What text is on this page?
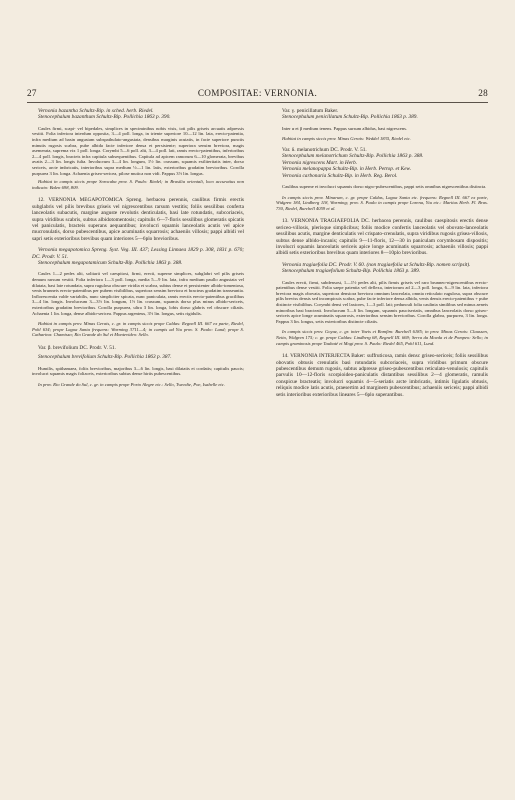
27	COMPOSITAE: VERNONIA.	28

Vernonia bazantha Schultz-Bip. in sched. herb. Riedel.

Stenocephalum bazanthum Schultz-Bip. Pollichia 1863 p. 390.

Caules firmi, scapi- vel bipedales, simplices in speciminibus nobis visis, toti pilis griseis arcuatis adpressis vestiti. Folia inferiora interdum opposita, 3—4 poll. longa, in triente superiore 10—12 lin. lata, erecto-patentia, infra medium ad basin angustam subspathulato-angustata, densibus marginis acutatis, in facie superiore punctis minutis rugosis scabra, pube albida facie inferiore densa et persistente; superiora sensim breviora, magis asemerata, suprema vix 1 poll. longa. Corymbi 5—6 poll. alti, 3—4 poll. lati, ramis erecto-patentibus, inferioribus 2—4 poll. longis, bracteis infra capitula subsequentibus. Capitula ad apicem ramorum 6—10 glomerata, brevibus avatis 2—3 lin. longis fulta. Involucrum 3—4 lin. longum, 1½ lin. crassum, squamis exiliteritatis inter, dorso sericeis, arcte imbricatis, interioribus supra medium ½—1 lin. latis, exterioribus gradatim brevioribus. Corolla purpurea 3 lin. longa. Achaenia griseo-sericea, pilose mutica non vidi. Pappus 3½ lin. longus.

Habitat in campis siccis prope Sorocaba prov. S. Paulo: Riedel; in Brasilia orientali, loco accuratius non indicato: Balen 698, 809.

12. VERNONIA MEGAPOTOMICA Spreng. herbacea perennis, caulibus firmis erectis subglabris vel pilis brevibus griseis vel nigrescentibus rarsum vestitis; foliis sessilibus conferta lanceolatis subacutis, margine anguste revolutis denticulatis, basi late rotundatis, subcoriaceis, supra viridibus scabris, subtus albidotomentosis; capitulis 6—7-floris sessilibus glomeratis spicatis vel paniculatis, bracteis superans aequantibus; involucri squamis lanceolatis acutis vel apice mucronulatis, dorso pubescentibus, apice acuminatis squarrosis; achaeniis villosis; pappi albidi vel sapri setis exterioribus brevibus quam interiores 5—6plo brevioribus.

Vernonia megapotomica Spreng. Syst. Veg. III. 437; Lessing Linnaea 1829 p. 308, 1831 p. 670; DC. Prodr. V. 51.

Stenocephalum megapotamicum Schultz-Bip. Pollichia 1863 p. 388.

Caules 1—2 pedes alti, solitarii vel caespitosi, firmi, erecti, superne simplices, subglabri vel pilis griseis demum rarsum vestiti. Folia inferiora 1—3 poll. longa, media 5—9 lin. lata, infra medium paullo angustata vel dilatata, basi late rotundata, supra rugulosa obscure viridia et scabra, subtus dense et persistenter albido-tomentosa, venis brunneis erecto-patentibus per pubem visibilibus, superiora sensim breviora et bracteas gradatim transeuntia. Inflorescentia valde variabilis, nunc simpliciter spicata, nunc paniculata, ramis erectis erecto-patentibus gracilibus 3—4 lin. longis. Involucrum 3—3½ lin. longum, 1½ lin. crassum, squamis dorso plus minus albido-sericeis, exterioribus gradatim brevioribus. Corolla purpurea, ultra 3 lin. longa, lobis dorso glabris vel obscure ciliatis. Achaenia 1 lin. longa, dense albido-sericea. Pappus argenteus, 3½ lin. longus, setis rigidulis.

Habitat in campis prov. Minas Gerais, c. gr. in campis siccis prope Caldas: Regnell III. 667 ex parte, Riedel, Pohl 634; prope Lagoa Santa frequens: Warming 3711—4; in campis ad Ytu prov. S. Paulo: Lund; prope S. Catharina: Chamisso; Rio Grande do Sul et Montevideo: Sello.

Var. β. brevifolium DC. Prodr. V. 51.

Stenocephalum brevifolium Schultz-Bip. Pollichia 1863 p. 387.

Humilis, spithamaea, foliis brevioribus, majoribus 3—6 lin. longis, basi dilatatis et cordatis; capitulis paucis; involucri squamis magis foliaceis, exterioribus subtus dense hirtis pubescentibus.

In prov. Rio Grande do Sul, c. gr. in campis prope Porto Alegre etc.: Sello, Tweedie, Poe, Isabelle etc.

Var. γ. penicillatum Baker.

Stenocephalum penicillatum Schultz-Bip. Pollichia 1863 p. 389.

Inter α et β medium tenens. Pappus sursum albidus, basi nigrescens.

Habitat in campis siccis prov. Minas Gerais: Weddel 1835, Riedel etc.

Var. δ. melanotrichum DC. Prodr. V. 51.

Stenocephalum melanotrichum Schultz-Bip. Pollichia 1863 p. 388.

Vernonia nigrescens Mart. in Herb.

Vernonia melanopappa Schultz-Bip. in Herb. Petrop. et Kew.

Vernonia carbonaria Schultz-Bip. in Herb. Reg. Berol.

Caulibus superne et involucri squamis dorso nigro-pubescentibus, pappi setis omnibus nigrescentibus distincta.

In campis siccis prov. Minarum, c. gr. prope Caldas, Lagoa Santa etc. frequens: Regnell III. 667 ex parte, Widgren 184, Lindberg 118, Warming; prov. S. Paulo in campis prope Lorena, Ytu etc.: Martius Herb. Fl. Bras. 730, Riedel, Burchell 4059 et al.

13. VERNONIA TRAGIAEFOLIA DC. herbacea perennis, caulibus caespitosis erectis dense sericeo-villosis, plerisque simplicibus; foliis modice confertis lanceolatis vel obovato-lanceolatis sessilibus acutis, margine denticulatis vel crispato-crenulatis, supra viridibus rugosis grisea-villosis, subtus dense albido-incanis; capitulis 9—11-floris, 12—30 in paniculam corymbosam dispositis; involucri squamis lanceolatis sericeis apice longe acuminatis squarrosis; achaeniis villosis; pappi albidi setis exterioribus brevibus quam interiores 8—10plo brevioribus.

Vernonia tragiaefolia DC. Prodr. V. 60. (non tragiaefolia ut Schultz-Bip. nomen scripsit).

Stenocephalum tragiaefolium Schultz-Bip. Pollichia 1863 p. 389.

Caules erecti, firmi, subdensosi, 1—1½ pedes alti, pilis firmis griseis vel raro brunneo-nigrescentibus erecto-patentibus dense vestiti. Folia saepe patentia vel deflexa, interiorum ad 2—3 poll. longa, 6—9 lin. lata, inferiora breviora magis obovata, superiora densiora breviora omnium lanceolata, omnia reticulato rugulosa, supra obscure pilis breviss densis sed incompicuis scabra, pube facie inferiore densa albida, venis densis erecto-patentibus + pube distincte visibilibus. Corymbi densi vel laxiores, 1—3 poll. lati; pedunculi folia caulinia similibus sed minus aeneis minoribus basi bracteati. Involucrum 5—6 lin. longum, squamis pauciseriatis, omnibus lanceolatis dorso griseo-sericeis apice longe acuminatis squarrosis, exterioribus sensim brevioribus. Corolla glabra, purpurea, 3 lin. longa. Pappus 3 lin. longus, setis exterioribus distincte ciliatis.

In campis siccis prov. Goyaz, c. gr. inter Vaeis et Bomfim: Burchell 6185; in prov. Minas Gerais: Claussen, Netto, Widgren 175; c. gr. prope Caldas: Lindberg 68, Regnell III. 669; Serra da Moeda et de Pompeo: Sello; in campis graminosis prope Taubaté et Mogi prov. S. Paulo: Riedel 465, Pohl 611, Lund.

14. VERNONIA INTERJECTA Baker: suffruticosa, ramis densc griseo-sericeis; foliis sessilibus obovatis obtusis crenulatis basi rotundatis subcoriaceis, supra viridibus primum obscure pubescentibus demum rugosis, subtus adpresse griseo-pubescentibus reticulato-venulosis; capitulis parvulis 10—12-floris scorpioideo-paniculatis distantibus sessilibus 2—4 glomeratis, ramulis conspicue bracteatis; involucri squamis 4—5-seriatis arcte imbricatis, intimis ligulatis obtusis, reliquis modice latis acutis, praesertim ad marginem pubescentibus; achaeniis sericeis; pappi albidi setis interioribus exterioribus lineares 5—6plo superantibus.
